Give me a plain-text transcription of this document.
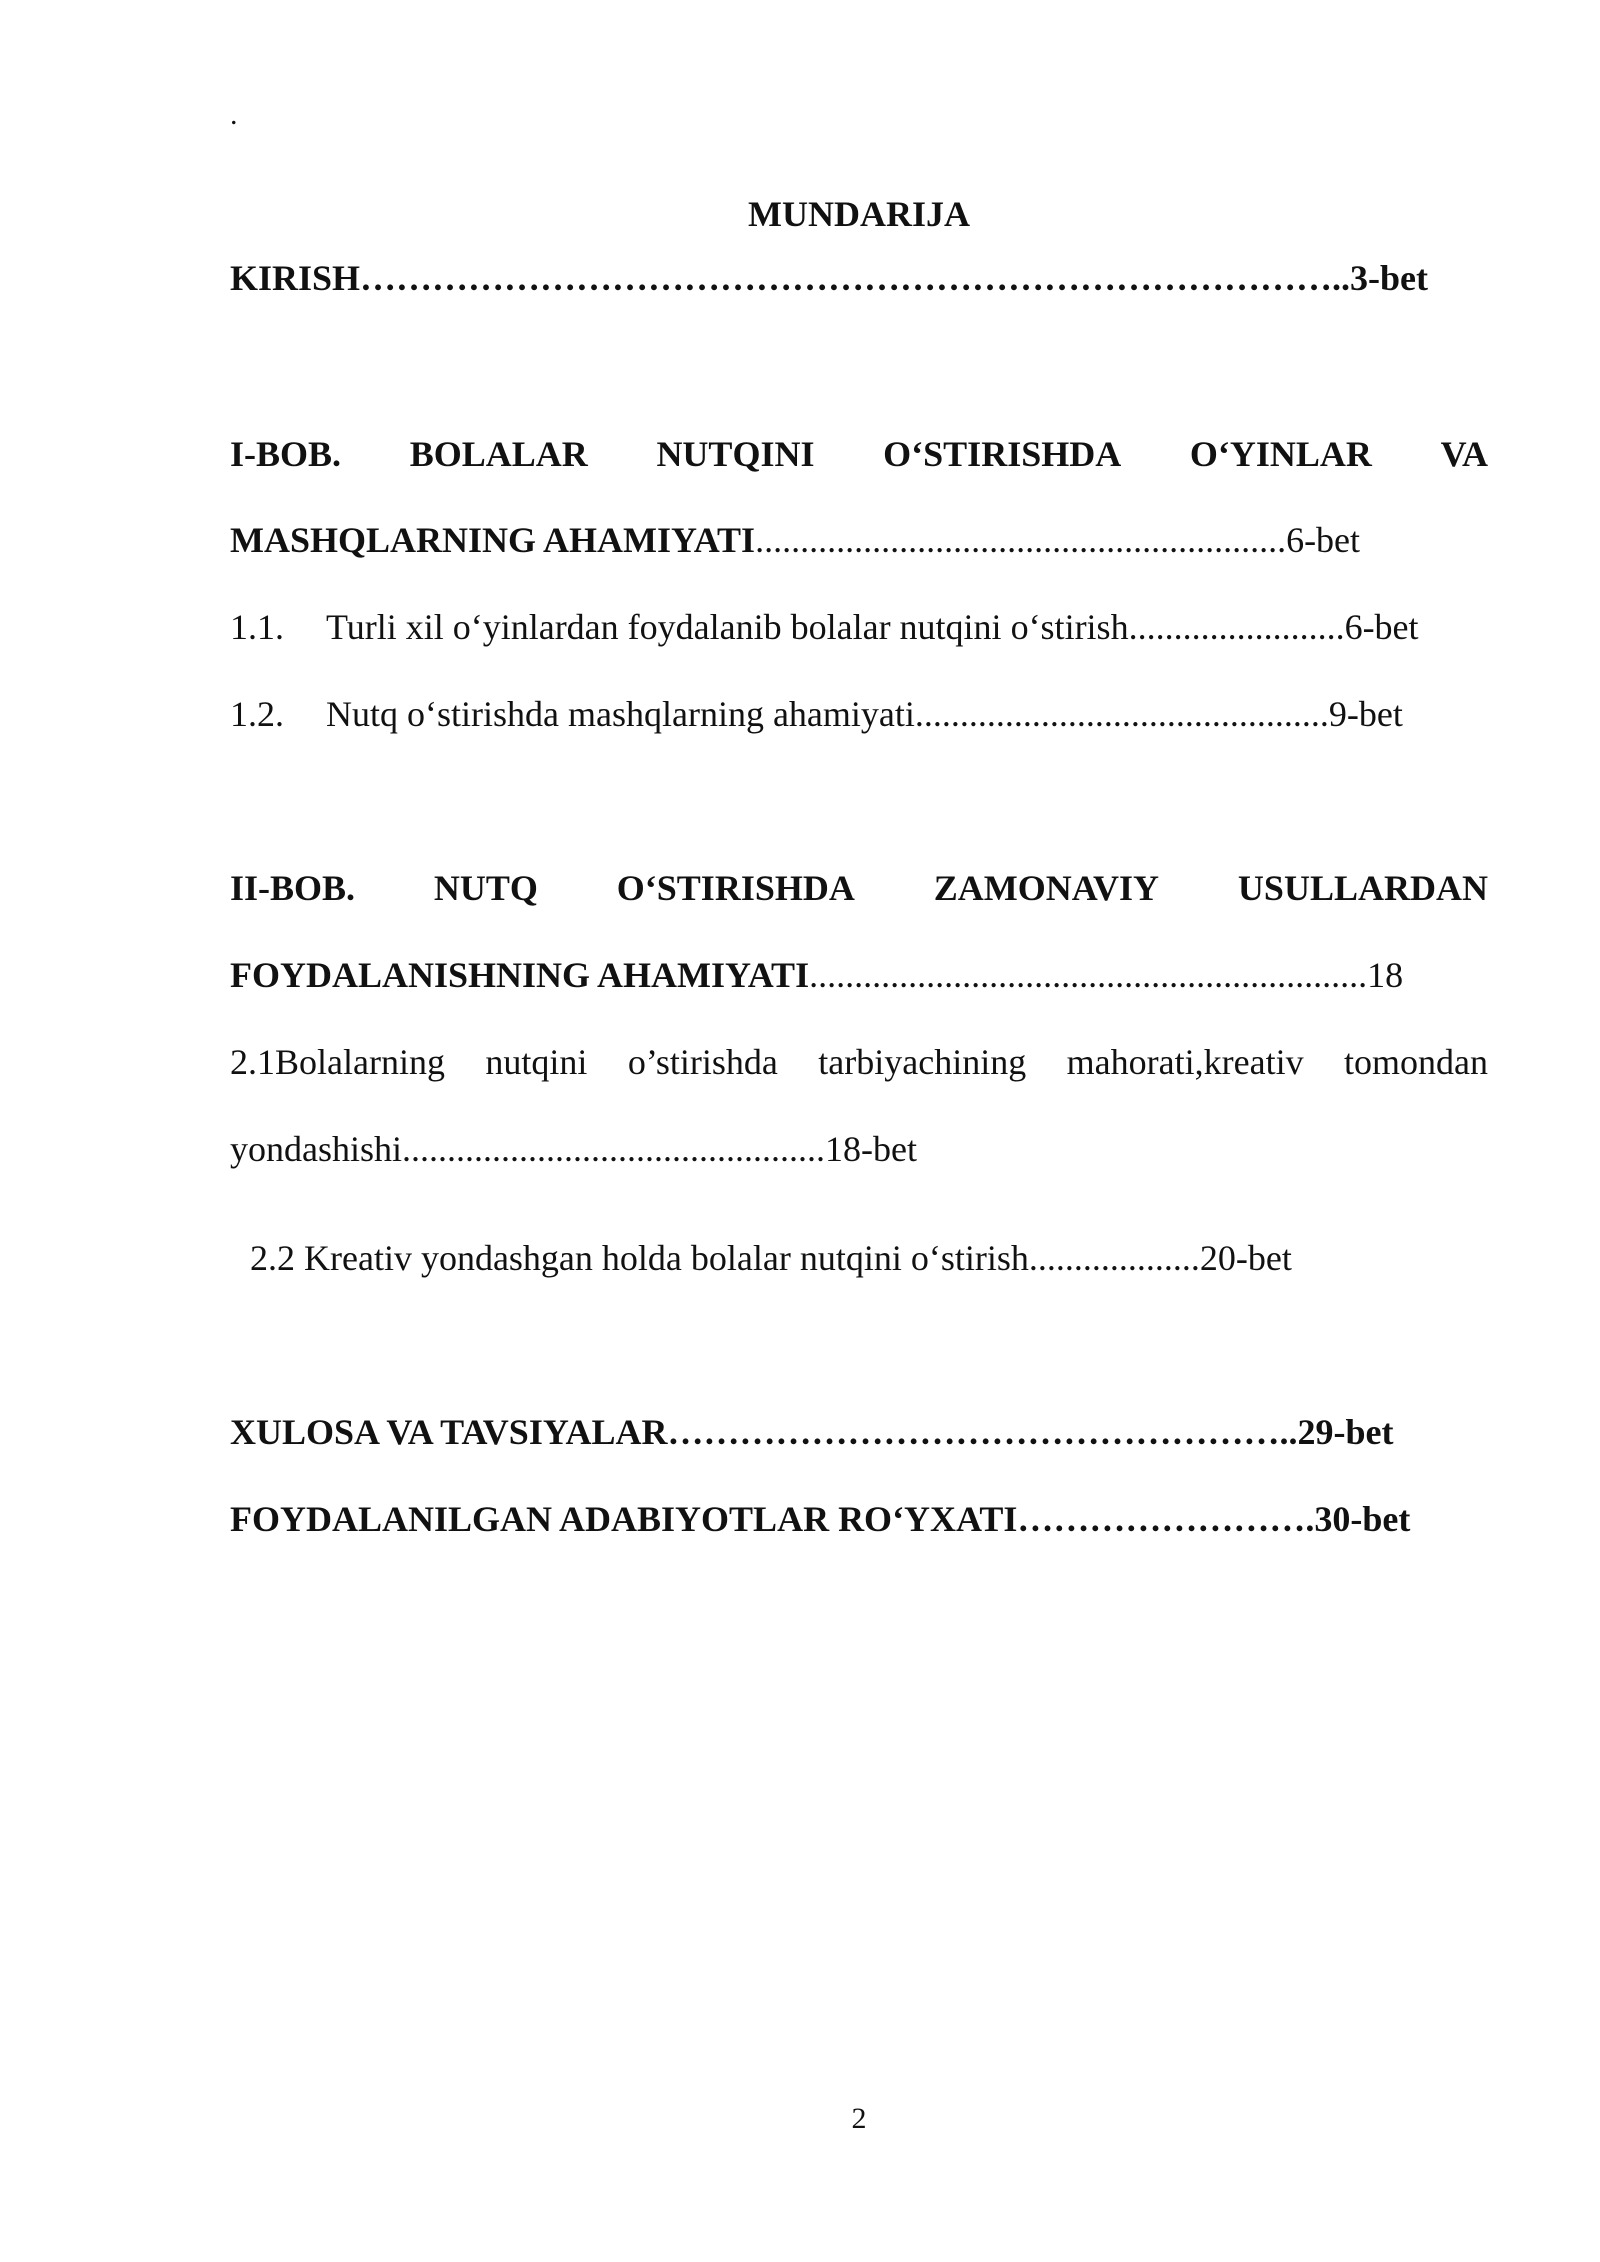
.
MUNDARIJA
KIRISH………………………………………………………………………..3-bet
I-BOB. BOLALAR NUTQINI O‘STIRISHDA O‘YINLAR VA
MASHQLARNING AHAMIYATI...........................................................6-bet
1.1. Turli xil o‘yinlardan foydalanib bolalar nutqini o‘stirish........................6-bet
1.2. Nutq o‘stirishda mashqlarning ahamiyati..............................................9-bet
II-BOB. NUTQ O‘STIRISHDA ZAMONAVIY USULLARDAN
FOYDALANISHNING AHAMIYATI..............................................................18
2.1Bolalarning nutqini o’stirishda tarbiyachining mahorati,kreativ tomondan
yondashishi...............................................18-bet
2.2 Kreativ yondashgan holda bolalar nutqini o‘stirish...................20-bet
XULOSA VA TAVSIYALAR……………………………………………..29-bet
FOYDALANILGAN ADABIYOTLAR RO‘YXATI…………………….30-bet
2
